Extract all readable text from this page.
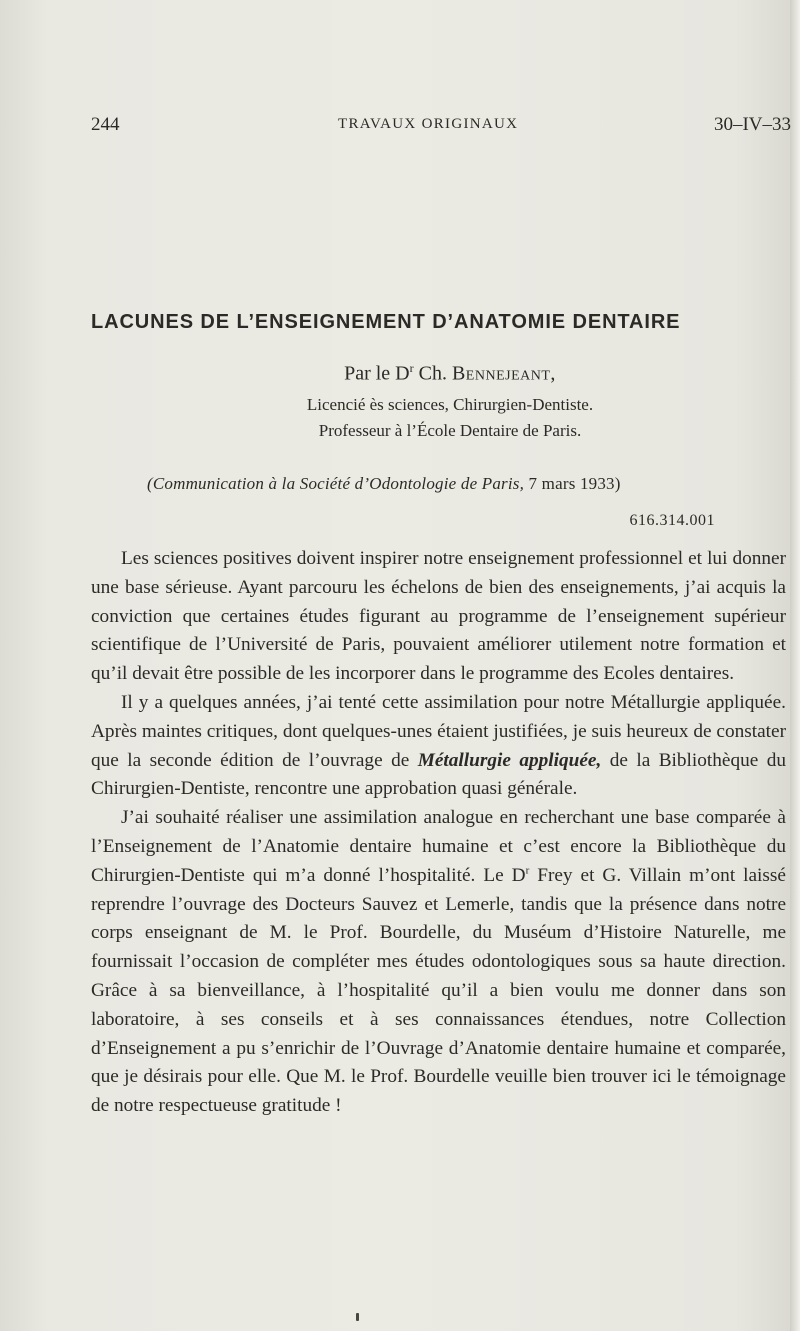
244	TRAVAUX ORIGINAUX	30–IV–33
LACUNES DE L’ENSEIGNEMENT D’ANATOMIE DENTAIRE
Par le $D^r$ Ch. Bennejeant,
Licencié ès sciences, Chirurgien-Dentiste.
Professeur à l’École Dentaire de Paris.
(Communication à la Société d’Odontologie de Paris, 7 mars 1933)
616.314.001

Les sciences positives doivent inspirer notre enseignement professionnel et lui donner une base sérieuse. Ayant parcouru les échelons de bien des enseignements, j’ai acquis la conviction que certaines études figurant au programme de l’enseignement supérieur scientifique de l’Université de Paris, pouvaient améliorer utilement notre formation et qu’il devait être possible de les incorporer dans le programme des Ecoles dentaires.

Il y a quelques années, j’ai tenté cette assimilation pour notre Métallurgie appliquée. Après maintes critiques, dont quelques-unes étaient justifiées, je suis heureux de constater que la seconde édition de l’ouvrage de Métallurgie appliquée, de la Bibliothèque du Chirurgien-Dentiste, rencontre une approbation quasi générale.

J’ai souhaité réaliser une assimilation analogue en recherchant une base comparée à l’Enseignement de l’Anatomie dentaire humaine et c’est encore la Bibliothèque du Chirurgien-Dentiste qui m’a donné l’hospitalité. Le $D^r$ Frey et G. Villain m’ont laissé reprendre l’ouvrage des Docteurs Sauvez et Lemerle, tandis que la présence dans notre corps enseignant de M. le Prof. Bourdelle, du Muséum d’Histoire Naturelle, me fournissait l’occasion de compléter mes études odontologiques sous sa haute direction. Grâce à sa bienveillance, à l’hospitalité qu’il a bien voulu me donner dans son laboratoire, à ses conseils et à ses connaissances étendues, notre Collection d’Enseignement a pu s’enrichir de l’Ouvrage d’Anatomie dentaire humaine et comparée, que je désirais pour elle. Que M. le Prof. Bourdelle veuille bien trouver ici le témoignage de notre respectueuse gratitude !
